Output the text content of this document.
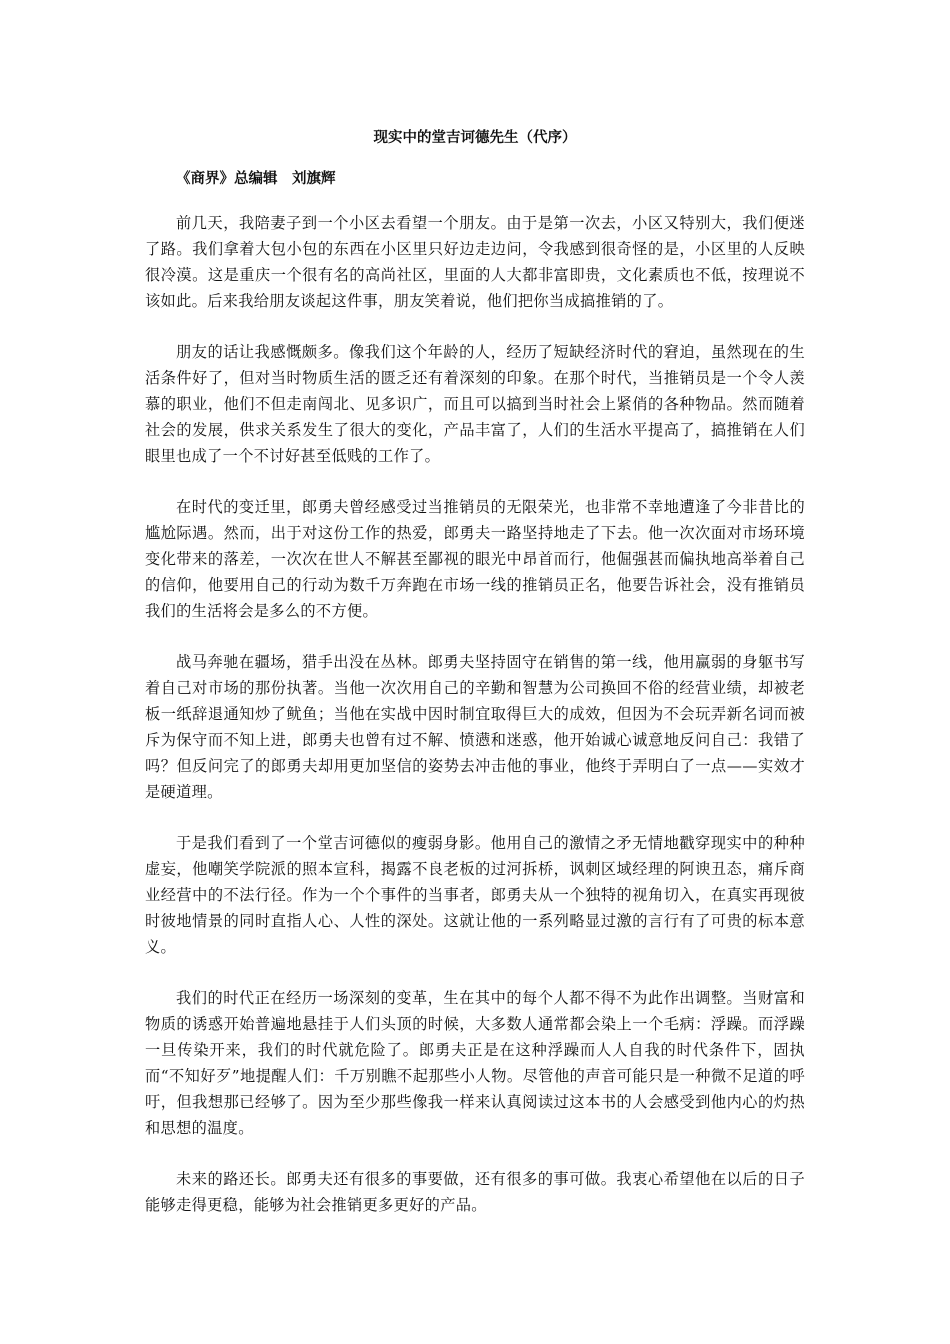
现实中的堂吉诃德先生（代序）
《商界》总编辑　刘旗辉

前几天，我陪妻子到一个小区去看望一个朋友。由于是第一次去，小区又特别大，我们便迷了路。我们拿着大包小包的东西在小区里只好边走边问，令我感到很奇怪的是，小区里的人反映很冷漠。这是重庆一个很有名的高尚社区，里面的人大都非富即贵，文化素质也不低，按理说不该如此。后来我给朋友谈起这件事，朋友笑着说，他们把你当成搞推销的了。

朋友的话让我感慨颇多。像我们这个年龄的人，经历了短缺经济时代的窘迫，虽然现在的生活条件好了，但对当时物质生活的匮乏还有着深刻的印象。在那个时代，当推销员是一个令人羡慕的职业，他们不但走南闯北、见多识广，而且可以搞到当时社会上紧俏的各种物品。然而随着社会的发展，供求关系发生了很大的变化，产品丰富了，人们的生活水平提高了，搞推销在人们眼里也成了一个不讨好甚至低贱的工作了。

在时代的变迁里，郎勇夫曾经感受过当推销员的无限荣光，也非常不幸地遭逢了今非昔比的尴尬际遇。然而，出于对这份工作的热爱，郎勇夫一路坚持地走了下去。他一次次面对市场环境变化带来的落差，一次次在世人不解甚至鄙视的眼光中昂首而行，他倔强甚而偏执地高举着自己的信仰，他要用自己的行动为数千万奔跑在市场一线的推销员正名，他要告诉社会，没有推销员我们的生活将会是多么的不方便。

战马奔驰在疆场，猎手出没在丛林。郎勇夫坚持固守在销售的第一线，他用赢弱的身躯书写着自己对市场的那份执著。当他一次次用自己的辛勤和智慧为公司换回不俗的经营业绩，却被老板一纸辞退通知炒了鱿鱼；当他在实战中因时制宜取得巨大的成效，但因为不会玩弄新名词而被斥为保守而不知上进，郎勇夫也曾有过不解、愤懑和迷惑，他开始诚心诚意地反问自己：我错了吗？但反问完了的郎勇夫却用更加坚信的姿势去冲击他的事业，他终于弄明白了一点——实效才是硬道理。

于是我们看到了一个堂吉诃德似的瘦弱身影。他用自己的激情之矛无情地戳穿现实中的种种虚妄，他嘲笑学院派的照本宣科，揭露不良老板的过河拆桥，讽刺区域经理的阿谀丑态，痛斥商业经营中的不法行径。作为一个个事件的当事者，郎勇夫从一个独特的视角切入，在真实再现彼时彼地情景的同时直指人心、人性的深处。这就让他的一系列略显过激的言行有了可贵的标本意义。

我们的时代正在经历一场深刻的变革，生在其中的每个人都不得不为此作出调整。当财富和物质的诱惑开始普遍地悬挂于人们头顶的时候，大多数人通常都会染上一个毛病：浮躁。而浮躁一旦传染开来，我们的时代就危险了。郎勇夫正是在这种浮躁而人人自我的时代条件下，固执而“不知好歹”地提醒人们：千万别瞧不起那些小人物。尽管他的声音可能只是一种微不足道的呼吁，但我想那已经够了。因为至少那些像我一样来认真阅读过这本书的人会感受到他内心的灼热和思想的温度。

未来的路还长。郎勇夫还有很多的事要做，还有很多的事可做。我衷心希望他在以后的日子能够走得更稳，能够为社会推销更多更好的产品。
